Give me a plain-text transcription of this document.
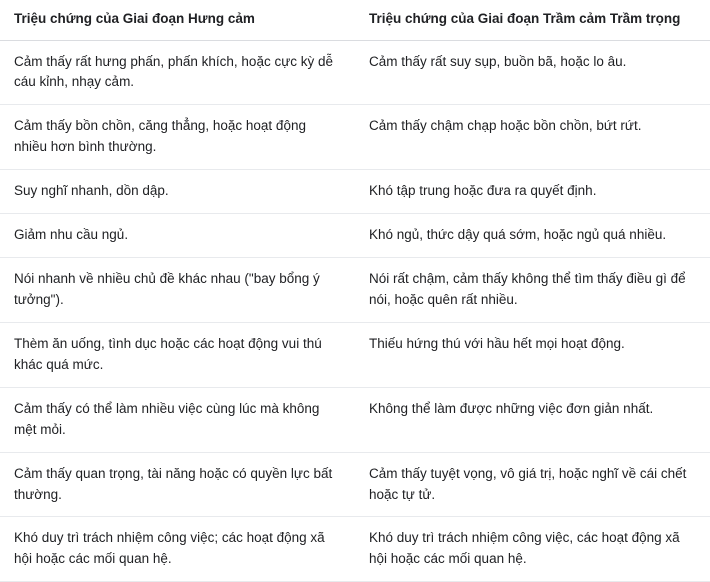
Triệu chứng của Giai đoạn Hưng cảm	Triệu chứng của Giai đoạn Trầm cảm Trầm trọng
Cảm thấy rất hưng phấn, phấn khích, hoặc cực kỳ dễ cáu kỉnh, nhạy cảm.	Cảm thấy rất suy sụp, buồn bã, hoặc lo âu.
Cảm thấy bồn chồn, căng thẳng, hoặc hoạt động nhiều hơn bình thường.	Cảm thấy chậm chạp hoặc bồn chồn, bứt rứt.
Suy nghĩ nhanh, dồn dập.	Khó tập trung hoặc đưa ra quyết định.
Giảm nhu cầu ngủ.	Khó ngủ, thức dậy quá sớm, hoặc ngủ quá nhiều.
Nói nhanh về nhiều chủ đề khác nhau ("bay bổng ý tưởng").	Nói rất chậm, cảm thấy không thể tìm thấy điều gì để nói, hoặc quên rất nhiều.
Thèm ăn uống, tình dục hoặc các hoạt động vui thú khác quá mức.	Thiếu hứng thú với hầu hết mọi hoạt động.
Cảm thấy có thể làm nhiều việc cùng lúc mà không mệt mỏi.	Không thể làm được những việc đơn giản nhất.
Cảm thấy quan trọng, tài năng hoặc có quyền lực bất thường.	Cảm thấy tuyệt vọng, vô giá trị, hoặc nghĩ về cái chết hoặc tự tử.
Khó duy trì trách nhiệm công việc; các hoạt động xã hội hoặc các mối quan hệ.	Khó duy trì trách nhiệm công việc, các hoạt động xã hội hoặc các mối quan hệ.
